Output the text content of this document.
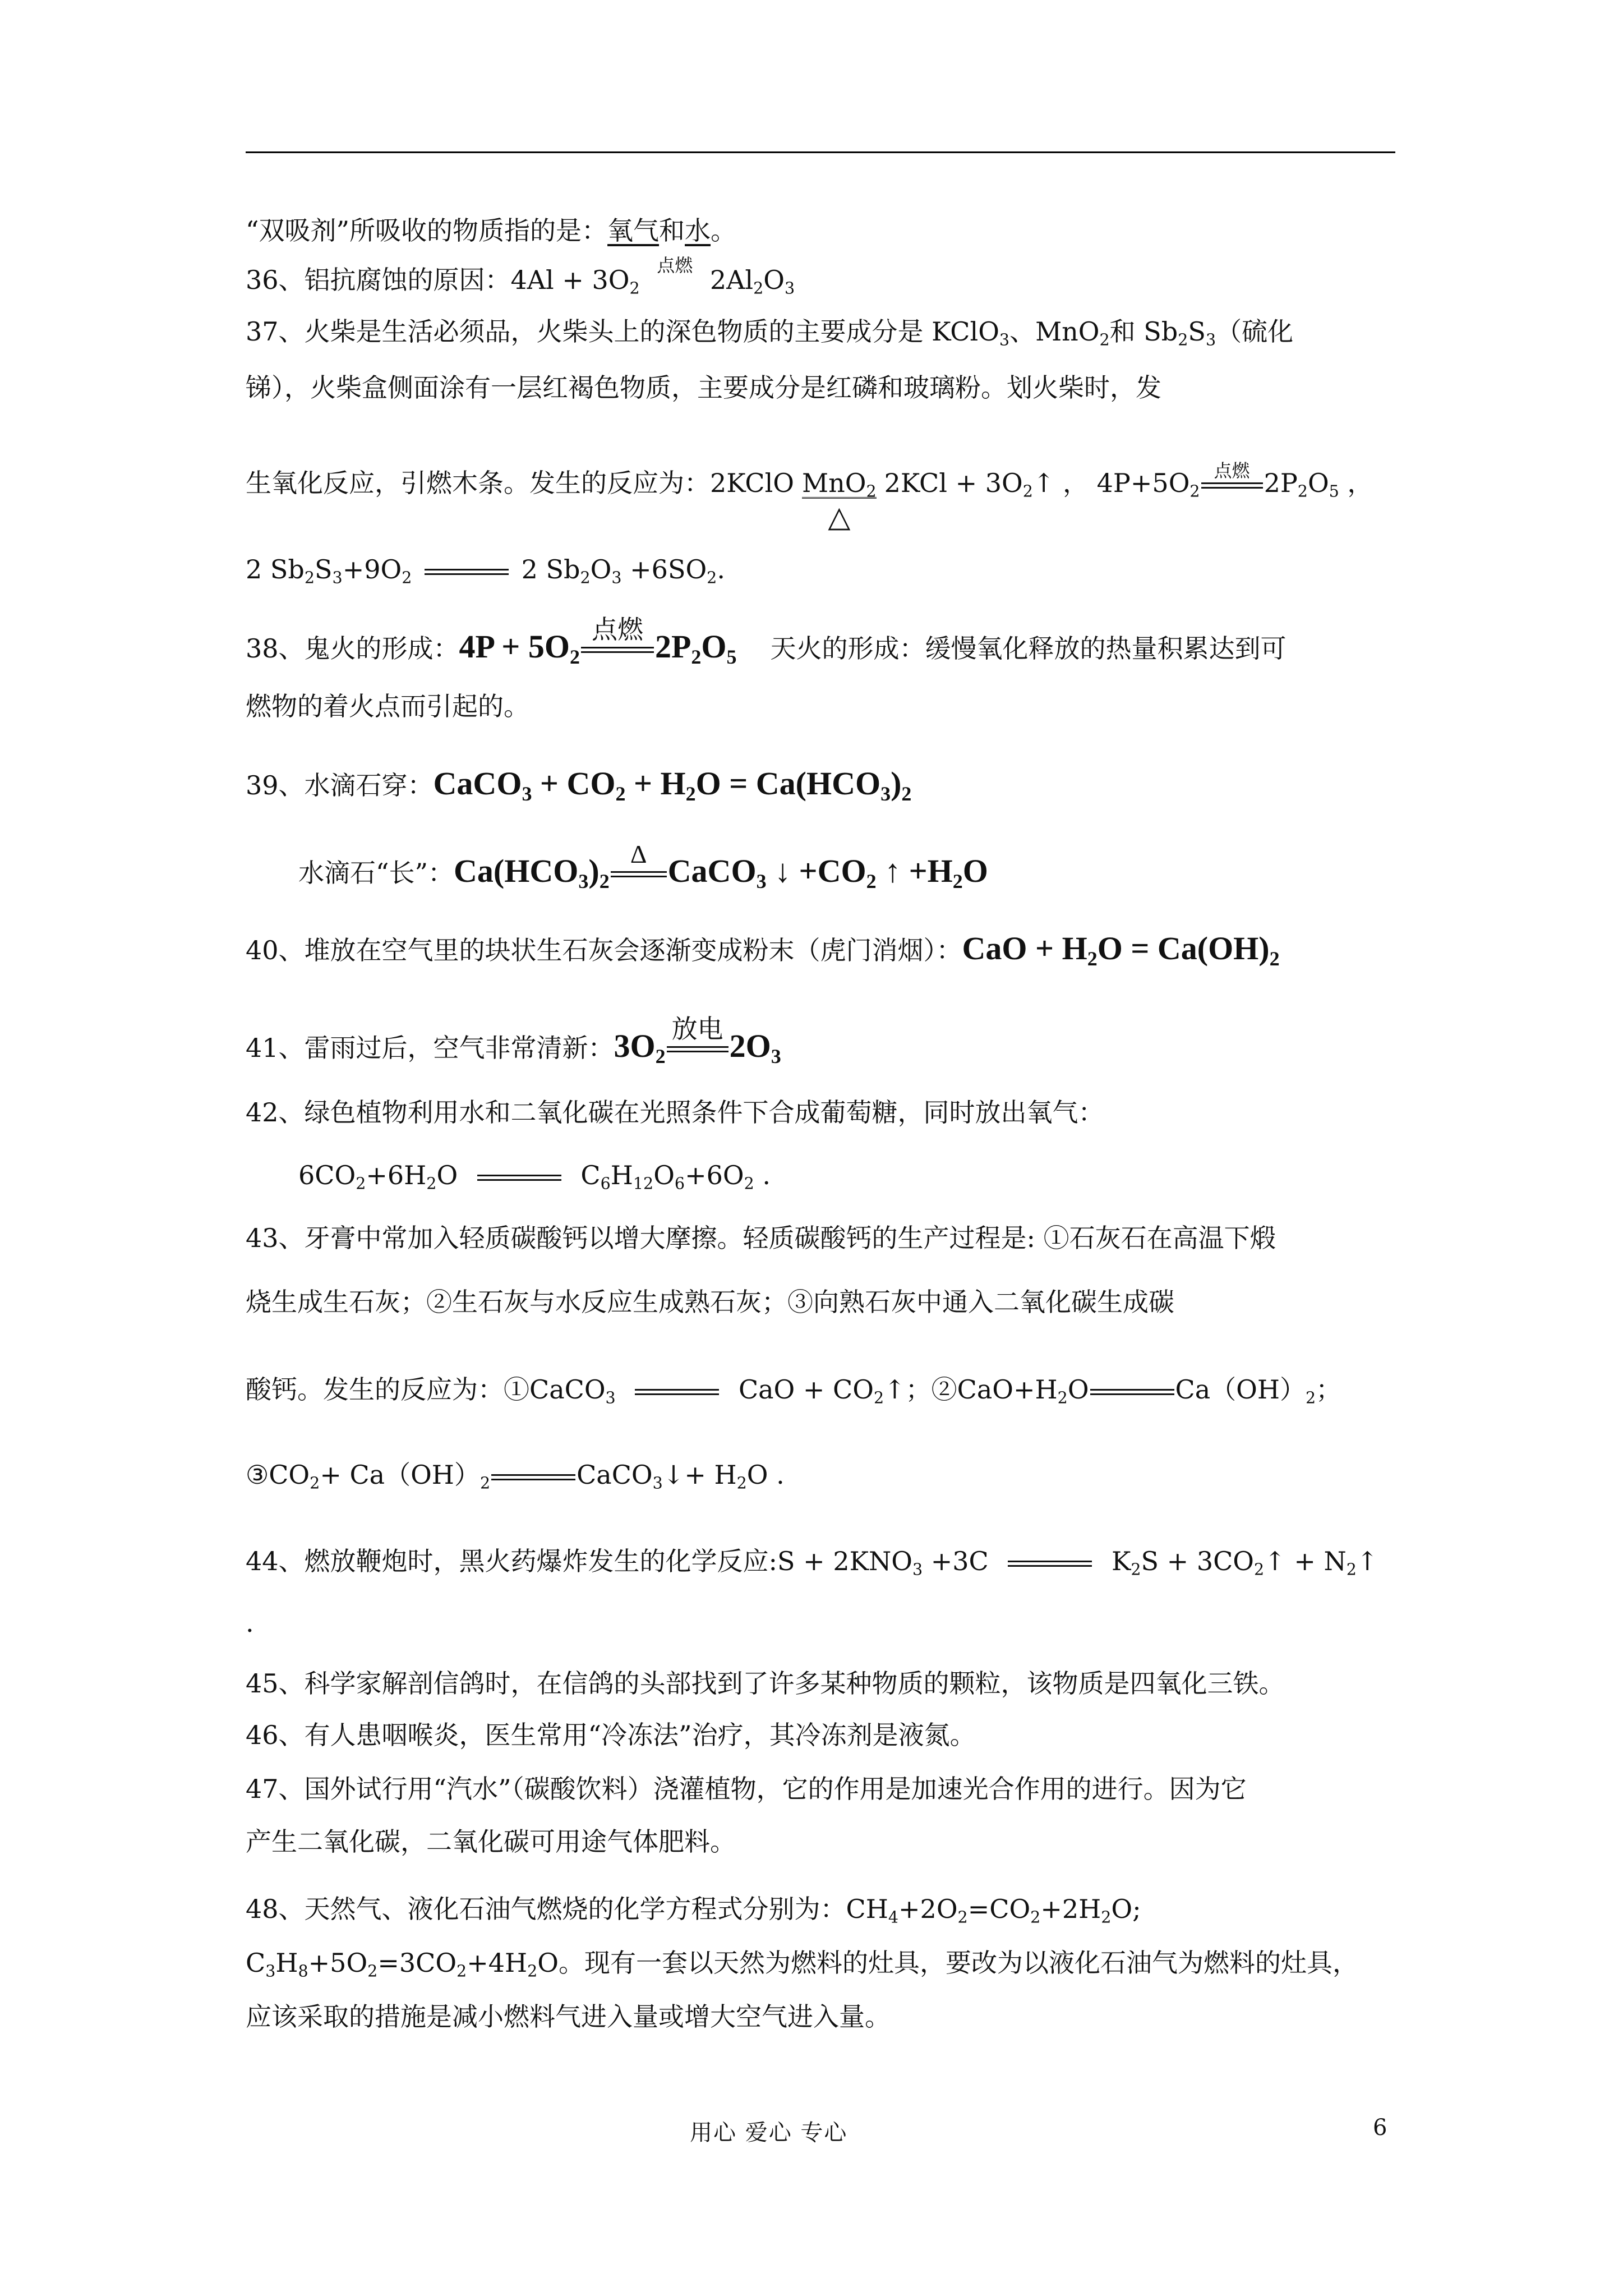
“双吸剂”所吸收的物质指的是：氧气和水。
36、铝抗腐蚀的原因：$4Al + 3O_2$
点燃 $2Al_2O_3$
37、火柴是生活必须品，火柴头上的深色物质的主要成分是 KClO$_3$、MnO$_2$和 $Sb_2S_3$（硫化
锑），火柴盒侧面涂有一层红褐色物质，主要成分是红磷和玻璃粉。划火柴时，发
生氧化反应，引燃木条。发生的反应为：2KClO MnO$_2$
△
$2KCl + 3O_2↑$ ， $4P+5O_2$
点燃 $2P_2O_5$ ，
2 $Sb_2S_3+9O_2$	2 $Sb_2O_3 +6SO_2$.
38、鬼火的形成：$4P + 5O_2$
点燃 $2P_2O_5$ 天火的形成：缓慢氧化释放的热量积累达到可
燃物的着火点而引起的。
39、水滴石穿：CaCO$_3$ + $CO_2 + H_2O = Ca(HCO_3)_2$
水滴石“长”：$Ca(HCO_3)_2$
Δ CaCO$_3$ ↓ $+CO_2$ ↑ $+H_2O$
40、堆放在空气里的块状生石灰会逐渐变成粉末（虎门消烟）：CaO + $H_2O = Ca(OH)_2$
41、雷雨过后，空气非常清新：$3O_2$
放电 $2O_3$
42、绿色植物利用水和二氧化碳在光照条件下合成葡萄糖，同时放出氧气：
$6CO_2+6H_2O$	$C_6H_{12}O_6+6O_2$ .
43、牙膏中常加入轻质碳酸钙以增大摩擦。轻质碳酸钙的生产过程是: ①石灰石在高温下煅
烧生成生石灰；②生石灰与水反应生成熟石灰；③向熟石灰中通入二氧化碳生成碳
酸钙。发生的反应为：①CaCO$_3$	CaO + $CO_2↑$；$②CaO+H_2O$	$Ca(OH)_2$；
$③CO_2+ Ca(OH)_2$	CaCO$_3$↓+ $H_2O$ .
44、燃放鞭炮时，黑火药爆炸发生的化学反应:S + $2KNO_3 +3C$	$K_2S$ + $3CO_2↑$ + $N_2↑$
.
45、科学家解剖信鸽时，在信鸽的头部找到了许多某种物质的颗粒，该物质是四氧化三铁。
46、有人患咽喉炎，医生常用“冷冻法”治疗，其冷冻剂是液氮。
47、国外试行用“汽水”（碳酸饮料）浇灌植物，它的作用是加速光合作用的进行。因为它
产生二氧化碳，二氧化碳可用途气体肥料。
48、天然气、液化石油气燃烧的化学方程式分别为：$CH_4+2O_2=CO_2+2H_2O$;
$C_3H_8+5O_2=3CO_2+4H_2O$。现有一套以天然为燃料的灶具，要改为以液化石油气为燃料的灶具，
应该采取的措施是减小燃料气进入量或增大空气进入量。
用心 爱心 专心	6
